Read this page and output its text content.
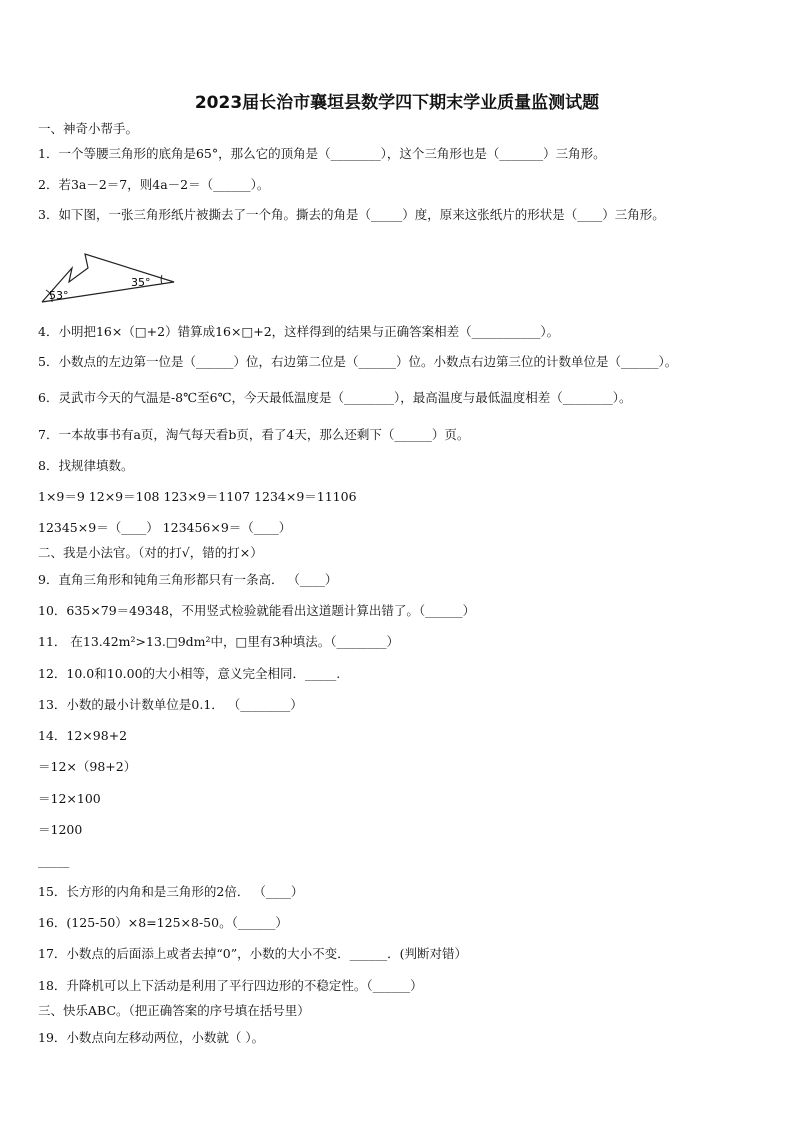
2023届长治市襄垣县数学四下期末学业质量监测试题
一、神奇小帮手。
1．一个等腰三角形的底角是65°，那么它的顶角是（________），这个三角形也是（_______）三角形。
2．若3a－2＝7，则4a－2＝（______）。
3．如下图，一张三角形纸片被撕去了一个角。撕去的角是（_____）度，原来这张纸片的形状是（____）三角形。
53°
35°
4．小明把16×（□+2）错算成16×□+2，这样得到的结果与正确答案相差（___________）。
5．小数点的左边第一位是（______）位，右边第二位是（______）位。小数点右边第三位的计数单位是（______）。
6．灵武市今天的气温是-8℃至6℃，今天最低温度是（________），最高温度与最低温度相差（________）。
7．一本故事书有a页，淘气每天看b页，看了4天，那么还剩下（______）页。
8．找规律填数。
1×9＝9 12×9＝108 123×9＝1107 1234×9＝11106
12345×9＝（____） 123456×9＝（____）
二、我是小法官。（对的打√，错的打×）
9．直角三角形和钝角三角形都只有一条高． （____）
10．635×79＝49348，不用竖式检验就能看出这道题计算出错了。（______）
11． 在13.42m²>13.□9dm²中，□里有3种填法。（________）
12．10.0和10.00的大小相等，意义完全相同．_____.
13．小数的最小计数单位是0.1． （________）
14．12×98+2
＝12×（98+2）
＝12×100
＝1200
_____
15．长方形的内角和是三角形的2倍． （____）
16．(125-50）×8=125×8-50。（______）
17．小数点的后面添上或者去掉“0”，小数的大小不变．______．(判断对错）
18．升降机可以上下活动是利用了平行四边形的不稳定性。（______）
三、快乐ABC。（把正确答案的序号填在括号里）
19．小数点向左移动两位，小数就（ ）。
